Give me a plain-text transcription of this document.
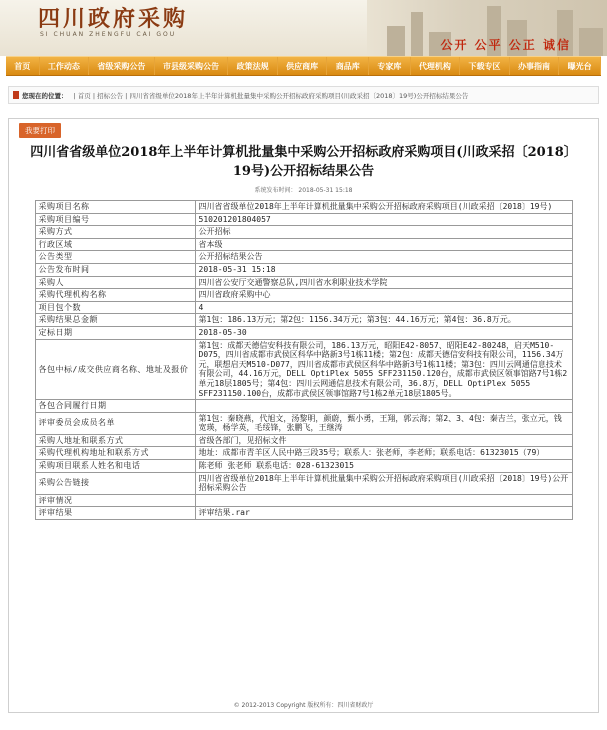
四川政府采购
SI CHUAN ZHENGFU CAI GOU
公开 公平 公正 诚信
首页	工作动态	省级采购公告	市县级采购公告	政策法规	供应商库	商品库	专家库	代理机构	下载专区	办事指南	曝光台
您现在的位置： | 首页 | 招标公告 | 四川省省级单位2018年上半年计算机批量集中采购公开招标政府采购项目(川政采招〔2018〕19号)公开招标结果公告
我要打印
四川省省级单位2018年上半年计算机批量集中采购公开招标政府采购项目(川政采招〔2018〕19号)公开招标结果公告
系统发布时间： 2018-05-31 15:18
采购项目名称	四川省省级单位2018年上半年计算机批量集中采购公开招标政府采购项目(川政采招〔2018〕19号)
采购项目编号	510201201804057
采购方式	公开招标
行政区域	省本级
公告类型	公开招标结果公告
公告发布时间	2018-05-31 15:18
采购人	四川省公安厅交通警察总队,四川省水利职业技术学院
采购代理机构名称	四川省政府采购中心
项目包个数	4
采购结果总金额	第1包：186.13万元；第2包：1156.34万元；第3包：44.16万元；第4包：36.8万元。
定标日期	2018-05-30
各包中标/成交供应商名称、地址及报价	第1包：成都天德信安科技有限公司，186.13万元，昭阳E42-8057、昭阳E42-80248，启天M510-D075，四川省成都市武侯区科华中路新3号1栋11楼；第2包：成都天德信安科技有限公司，1156.34万元，联想启天M510-D077，四川省成都市武侯区科华中路新3号1栋11楼；第3包：四川云网通信息技术有限公司，44.16万元，DELL OptiPlex 5055 SFF231150.120台，成都市武侯区领事馆路7号1栋2单元18层1805号；第4包：四川云网通信息技术有限公司，36.8万，DELL OptiPlex 5055 SFF231150.100台，成都市武侯区领事馆路7号1栋2单元18层1805号。
各包合同履行日期	
评审委员会成员名单	第1包：秦晓燕，代旭文，汤黎明，颜蔚，甄小勇，王翔，郭云海；第2、3、4包：秦吉兰，张立元，钱宽瑛，杨学英，毛绥锋，张鹏飞，王继涛
采购人地址和联系方式	省级各部门，见招标文件
采购代理机构地址和联系方式	地址：成都市青羊区人民中路三段35号；联系人：张老师，李老师；联系电话：61323015（79）
采购项目联系人姓名和电话	陈老师 张老师 联系电话：028-61323015
采购公告链接	四川省省级单位2018年上半年计算机批量集中采购公开招标政府采购项目(川政采招〔2018〕19号)公开招标采购公告
评审情况	
评审结果	评审结果.rar
© 2012-2013 Copyright 版权所有：四川省财政厅
